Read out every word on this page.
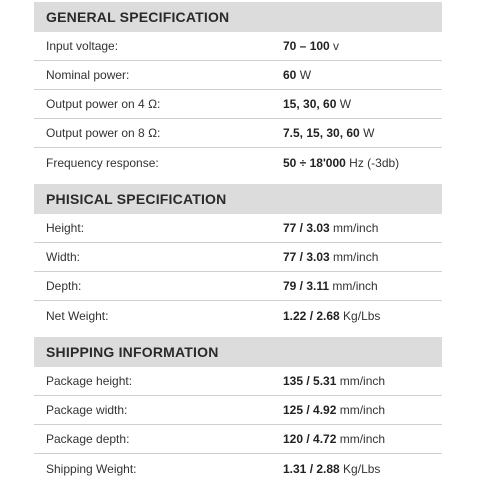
GENERAL SPECIFICATION
Input voltage:	70 – 100 v
Nominal power:	60 W
Output power on 4 Ω:	15, 30, 60 W
Output power on 8 Ω:	7.5, 15, 30, 60 W
Frequency response:	50 ÷ 18'000 Hz (-3db)
PHISICAL SPECIFICATION
Height:	77 / 3.03 mm/inch
Width:	77 / 3.03 mm/inch
Depth:	79 / 3.11 mm/inch
Net Weight:	1.22 / 2.68 Kg/Lbs
SHIPPING INFORMATION
Package height:	135 / 5.31 mm/inch
Package width:	125 / 4.92 mm/inch
Package depth:	120 / 4.72 mm/inch
Shipping Weight:	1.31 / 2.88 Kg/Lbs
